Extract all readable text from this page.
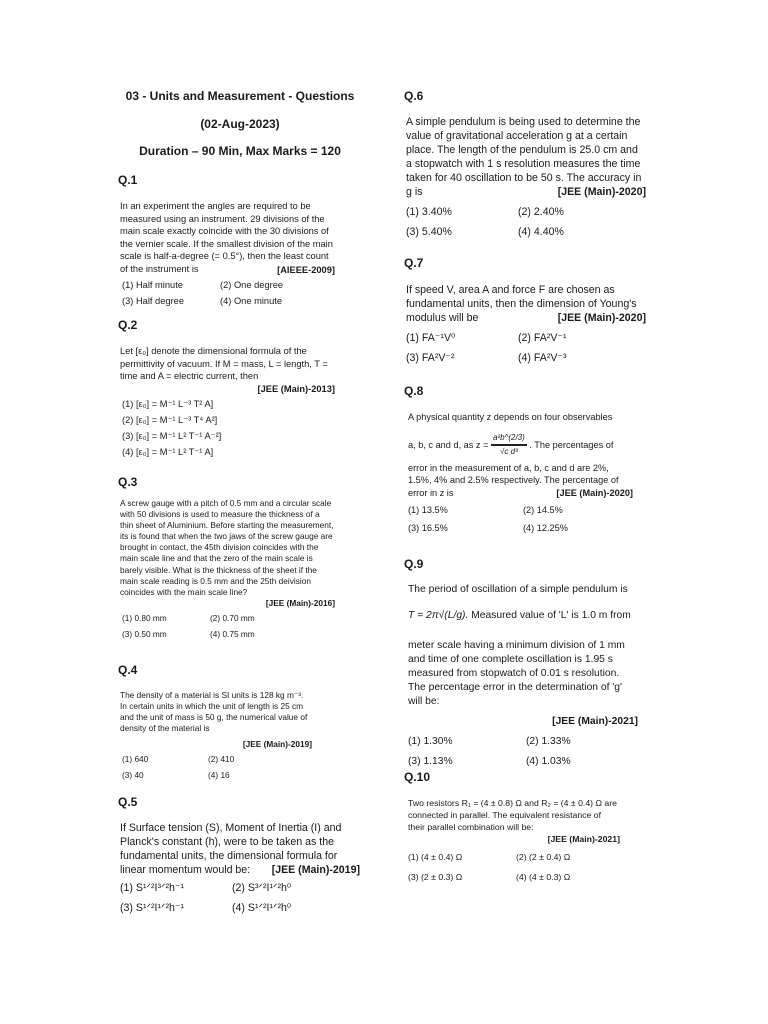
03 - Units and Measurement - Questions
(02-Aug-2023)
Duration – 90 Min, Max Marks = 120
Q.1
In an experiment the angles are required to be measured using an instrument. 29 divisions of the main scale exactly coincide with the 30 divisions of the vernier scale. If the smallest division of the main scale is half-a-degree (= 0.5°), then the least count of the instrument is	[AIEEE-2009]
(1) Half minute	(2) One degree
(3) Half degree	(4) One minute
Q.2
Let [ε₀] denote the dimensional formula of the permittivity of vacuum. If M = mass, L = length, T = time and A = electric current, then
[JEE (Main)-2013]
(1) [ε₀] = M⁻¹ L⁻³ T² A]
(2) [ε₀] = M⁻¹ L⁻³ T⁴ A²]
(3) [ε₀] = M⁻¹ L² T⁻¹ A⁻²]
(4) [ε₀] = M⁻¹ L² T⁻¹ A]
Q.3
A screw gauge with a pitch of 0.5 mm and a circular scale with 50 divisions is used to measure the thickness of a thin sheet of Aluminium. Before starting the measurement, its is found that when the two jaws of the screw gauge are brought in contact, the 45th division coincides with the main scale line and that the zero of the main scale is barely visible. What is the thickness of the sheet if the main scale reading is 0.5 mm and the 25th deivision coincides with the main scale line?
[JEE (Main)-2016]
(1) 0.80 mm	(2) 0.70 mm
(3) 0.50 mm	(4) 0.75 mm
Q.4
The density of a material is SI units is 128 kg m⁻³. In certain units in which the unit of length is 25 cm and the unit of mass is 50 g, the numerical value of density of the material is
[JEE (Main)-2019]
(1) 640	(2) 410
(3) 40	(4) 16
Q.5
If Surface tension (S), Moment of Inertia (I) and Planck's constant (h), were to be taken as the fundamental units, the dimensional formula for linear momentum would be:	[JEE (Main)-2019]
(1) S¹ᐟ²I³ᐟ²h⁻¹	(2) S³ᐟ²I¹ᐟ²h⁰
(3) S¹ᐟ²I¹ᐟ²h⁻¹	(4) S¹ᐟ²I¹ᐟ²h⁰
Q.6
A simple pendulum is being used to determine the value of gravitational acceleration g at a certain place. The length of the pendulum is 25.0 cm and a stopwatch with 1 s resolution measures the time taken for 40 oscillation to be 50 s. The accuracy in g is	[JEE (Main)-2020]
(1) 3.40%	(2) 2.40%
(3) 5.40%	(4) 4.40%
Q.7
If speed V, area A and force F are chosen as fundamental units, then the dimension of Young's modulus will be	[JEE (Main)-2020]
(1) FA⁻¹V⁰	(2) FA²V⁻¹
(3) FA²V⁻²	(4) FA²V⁻³
Q.8
A physical quantity z depends on four observables
a, b, c and d, as $z = \frac{\text{a²b\textasciicircum{}(2/3)}}{\text{√c d³}}$ . The percentages of
error in the measurement of a, b, c and d are 2%, 1.5%, 4% and 2.5% respectively. The percentage of error in z is	[JEE (Main)-2020]
(1) 13.5%	(2) 14.5%
(3) 16.5%	(4) 12.25%
Q.9
The period of oscillation of a simple pendulum is
T = 2π√(L/g). Measured value of 'L' is 1.0 m from
meter scale having a minimum division of 1 mm and time of one complete oscillation is 1.95 s measured from stopwatch of 0.01 s resolution. The percentage error in the determination of 'g' will be:
[JEE (Main)-2021]
(1) 1.30%	(2) 1.33%
(3) 1.13%	(4) 1.03%
Q.10
Two resistors R₁ = (4 ± 0.8) Ω and R₂ = (4 ± 0.4) Ω are connected in parallel. The equivalent resistance of their parallel combination will be:
[JEE (Main)-2021]
(1) (4 ± 0.4) Ω	(2) (2 ± 0.4) Ω
(3) (2 ± 0.3) Ω	(4) (4 ± 0.3) Ω
